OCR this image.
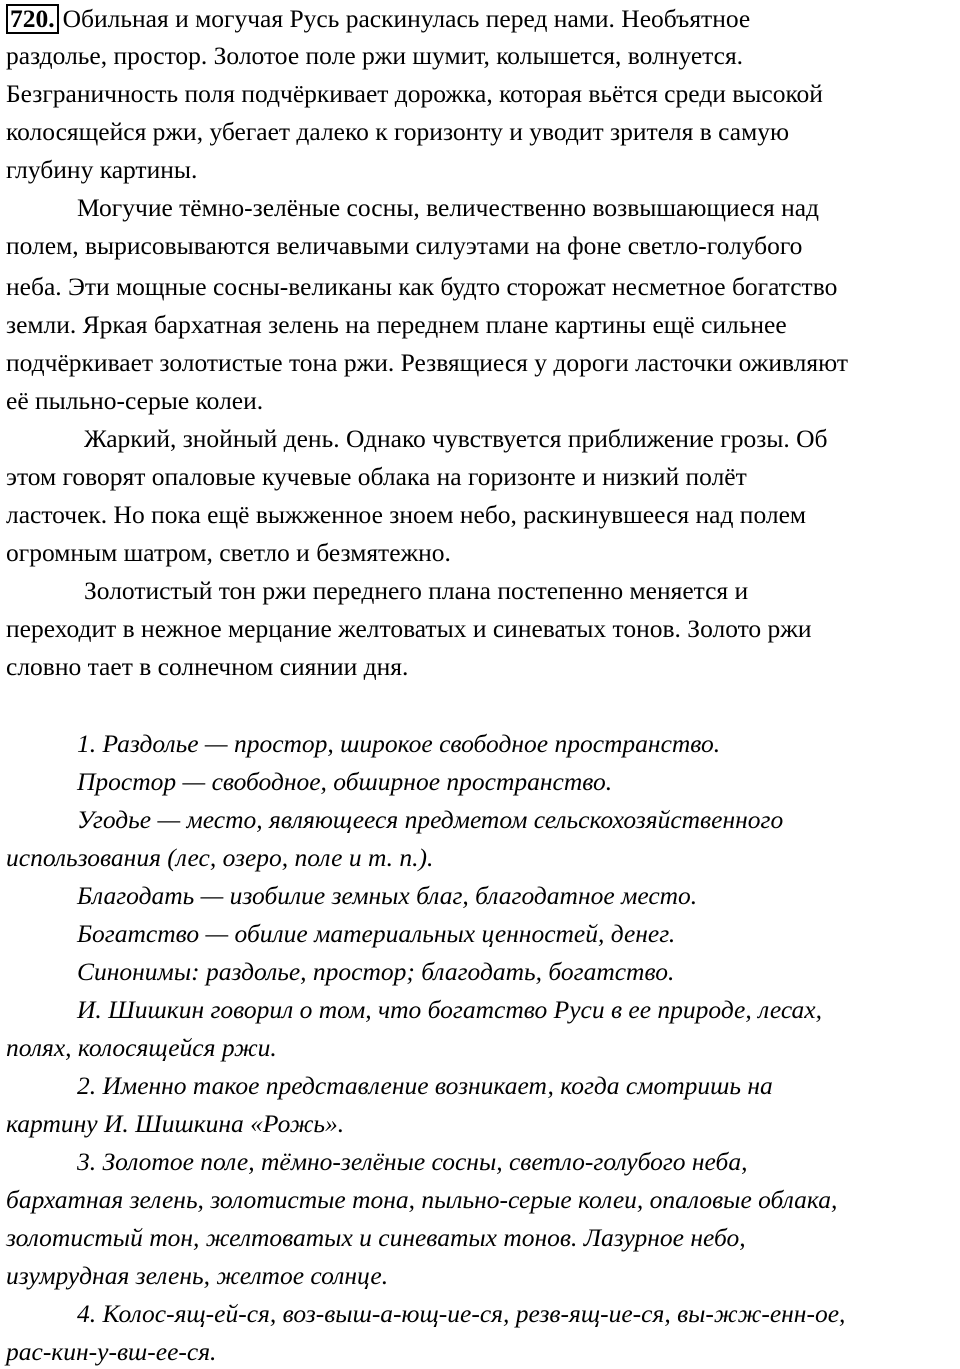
720. Обильная и могучая Русь раскинулась перед нами. Необъятное
раздолье, простор. Золотое поле ржи шумит, колышется, волнуется.
Безграничность поля подчёркивает дорожка, которая вьётся среди высокой
колосящейся ржи, убегает далеко к горизонту и уводит зрителя в самую
глубину картины.
Могучие тёмно-зелёные сосны, величественно возвышающиеся над
полем, вырисовываются величавыми силуэтами на фоне светло-голубого
неба. Эти мощные сосны-великаны как будто сторожат несметное богатство
земли. Яркая бархатная зелень на переднем плане картины ещё сильнее
подчёркивает золотистые тона ржи. Резвящиеся у дороги ласточки оживляют
её пыльно-серые колеи.
Жаркий, знойный день. Однако чувствуется приближение грозы. Об
этом говорят опаловые кучевые облака на горизонте и низкий полёт
ласточек. Но пока ещё выжженное зноем небо, раскинувшееся над полем
огромным шатром, светло и безмятежно.
Золотистый тон ржи переднего плана постепенно меняется и
переходит в нежное мерцание желтоватых и синеватых тонов. Золото ржи
словно тает в солнечном сиянии дня.
1. Раздолье — простор, широкое свободное пространство.
Простор — свободное, обширное пространство.
Угодье — место, являющееся предметом сельскохозяйственного
использования (лес, озеро, поле и т. п.).
Благодать — изобилие земных благ, благодатное место.
Богатство — обилие материальных ценностей, денег.
Синонимы: раздолье, простор; благодать, богатство.
И. Шишкин говорил о том, что богатство Руси в ее природе, лесах,
полях, колосящейся ржи.
2. Именно такое представление возникает, когда смотришь на
картину И. Шишкина «Рожь».
3. Золотое поле, тёмно-зелёные сосны, светло-голубого неба,
бархатная зелень, золотистые тона, пыльно-серые колеи, опаловые облака,
золотистый тон, желтоватых и синеватых тонов. Лазурное небо,
изумрудная зелень, желтое солнце.
4. Колос-ящ-ей-ся, воз-выш-а-ющ-ие-ся, резв-ящ-ие-ся, вы-жж-енн-ое,
рас-кин-у-вш-ее-ся.
